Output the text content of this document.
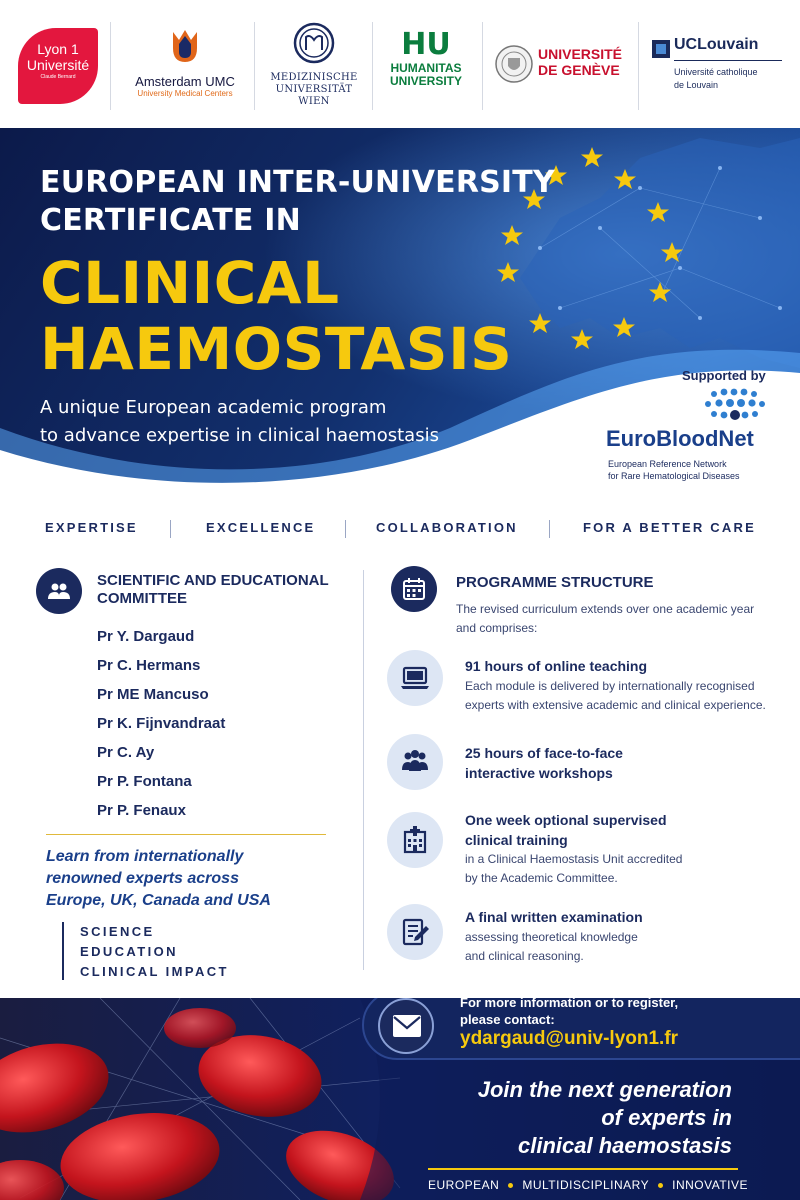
Lyon 1
Université
Claude Bernard	Amsterdam UMC
University Medical Centers
MEDIZINISCHE
UNIVERSITÄT
WIEN
HU
HUMANITAS
UNIVERSITY
UNIVERSITÉ
DE GENÈVE
UCLouvain
Université catholique
de Louvain
EUROPEAN INTER-UNIVERSITY
CERTIFICATE IN
CLINICAL
HAEMOSTASIS
A unique European academic program
to advance expertise in clinical haemostasis
Supported by
EuroBloodNet
European Reference Network
for Rare Hematological Diseases
EXPERTISE	EXCELLENCE	COLLABORATION	FOR A BETTER CARE
SCIENTIFIC AND EDUCATIONAL
COMMITTEE
Pr Y. Dargaud
Pr C. Hermans
Pr ME Mancuso
Pr K. Fijnvandraat
Pr C. Ay
Pr P. Fontana
Pr P. Fenaux
Learn from internationally
renowned experts across
Europe, UK, Canada and USA
SCIENCE
EDUCATION
CLINICAL IMPACT
PROGRAMME STRUCTURE
The revised curriculum extends over one academic year
and comprises:
91 hours of online teaching
Each module is delivered by internationally recognised
experts with extensive academic and clinical experience.
25 hours of face-to-face
interactive workshops
One week optional supervised
clinical training
in a Clinical Haemostasis Unit accredited
by the Academic Committee.
A final written examination
assessing theoretical knowledge
and clinical reasoning.
For more information or to register,
please contact:
ydargaud@univ-lyon1.fr
Join the next generation
of experts in
clinical haemostasis
EUROPEAN MULTIDISCIPLINARY INNOVATIVE
